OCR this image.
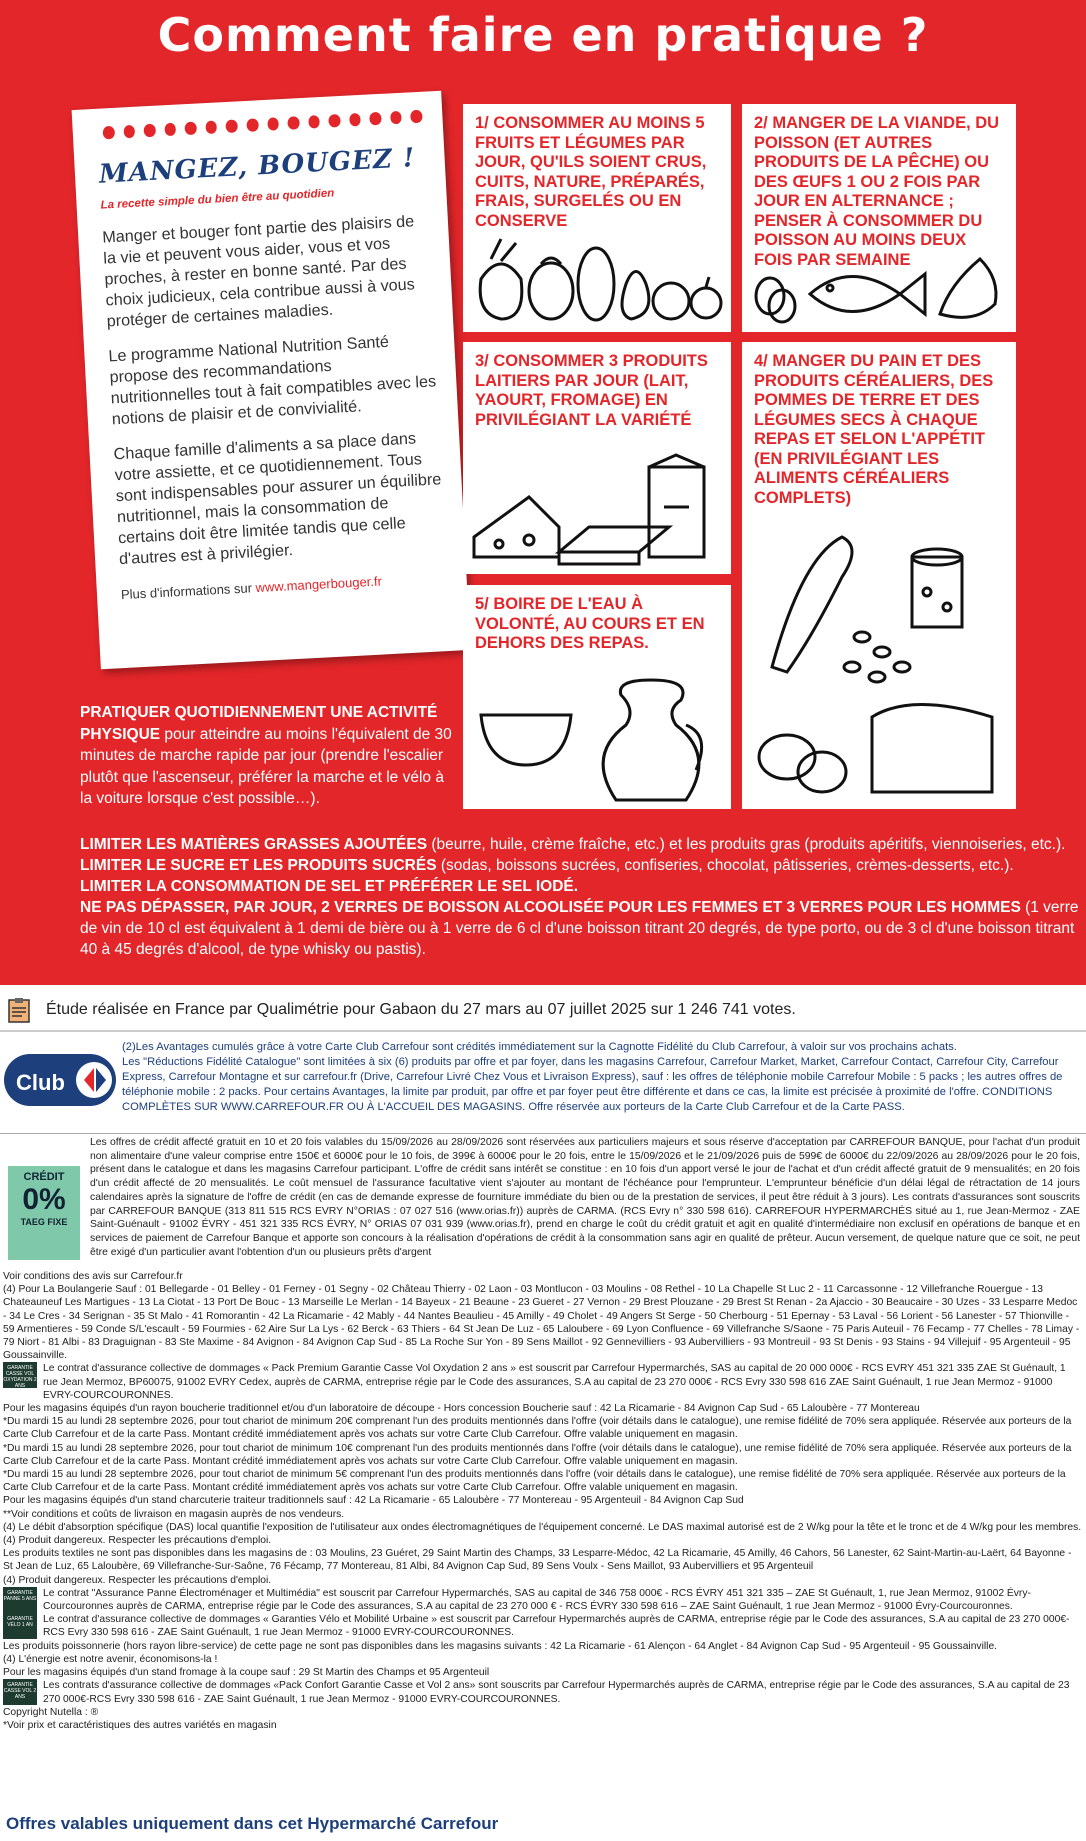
Comment faire en pratique ?
MANGEZ, BOUGEZ !
La recette simple du bien être au quotidien

Manger et bouger font partie des plaisirs de la vie et peuvent vous aider, vous et vos proches, à rester en bonne santé. Par des choix judicieux, cela contribue aussi à vous protéger de certaines maladies.

Le programme National Nutrition Santé propose des recommandations nutritionnelles tout à fait compatibles avec les notions de plaisir et de convivialité.

Chaque famille d'aliments a sa place dans votre assiette, et ce quotidiennement. Tous sont indispensables pour assurer un équilibre nutritionnel, mais la consommation de certains doit être limitée tandis que celle d'autres est à privilégier.

Plus d'informations sur www.mangerbouger.fr

1/ CONSOMMER AU MOINS 5 FRUITS ET LÉGUMES PAR JOUR, QU'ILS SOIENT CRUS, CUITS, NATURE, PRÉPARÉS, FRAIS, SURGELÉS OU EN CONSERVE
2/ MANGER DE LA VIANDE, DU POISSON (ET AUTRES PRODUITS DE LA PÊCHE) OU DES ŒUFS 1 OU 2 FOIS PAR JOUR EN ALTERNANCE ; PENSER À CONSOMMER DU POISSON AU MOINS DEUX FOIS PAR SEMAINE
3/ CONSOMMER 3 PRODUITS LAITIERS PAR JOUR (LAIT, YAOURT, FROMAGE) EN PRIVILÉGIANT LA VARIÉTÉ
4/ MANGER DU PAIN ET DES PRODUITS CÉRÉALIERS, DES POMMES DE TERRE ET DES LÉGUMES SECS À CHAQUE REPAS ET SELON L'APPÉTIT (EN PRIVILÉGIANT LES ALIMENTS CÉRÉALIERS COMPLETS)
5/ BOIRE DE L'EAU À VOLONTÉ, AU COURS ET EN DEHORS DES REPAS.
PRATIQUER QUOTIDIENNEMENT UNE ACTIVITÉ PHYSIQUE pour atteindre au moins l'équivalent de 30 minutes de marche rapide par jour (prendre l'escalier plutôt que l'ascenseur, préférer la marche et le vélo à la voiture lorsque c'est possible…).
LIMITER LES MATIÈRES GRASSES AJOUTÉES (beurre, huile, crème fraîche, etc.) et les produits gras (produits apéritifs, viennoiseries, etc.).
LIMITER LE SUCRE ET LES PRODUITS SUCRÉS (sodas, boissons sucrées, confiseries, chocolat, pâtisseries, crèmes-desserts, etc.).
LIMITER LA CONSOMMATION DE SEL ET PRÉFÉRER LE SEL IODÉ.
NE PAS DÉPASSER, PAR JOUR, 2 VERRES DE BOISSON ALCOOLISÉE POUR LES FEMMES ET 3 VERRES POUR LES HOMMES (1 verre de vin de 10 cl est équivalent à 1 demi de bière ou à 1 verre de 6 cl d'une boisson titrant 20 degrés, de type porto, ou de 3 cl d'une boisson titrant 40 à 45 degrés d'alcool, de type whisky ou pastis).
Étude réalisée en France par Qualimétrie pour Gabaon du 27 mars au 07 juillet 2025 sur 1 246 741 votes.
Club
(2)Les Avantages cumulés grâce à votre Carte Club Carrefour sont crédités immédiatement sur la Cagnotte Fidélité du Club Carrefour, à valoir sur vos prochains achats.
Les "Réductions Fidélité Catalogue" sont limitées à six (6) produits par offre et par foyer, dans les magasins Carrefour, Carrefour Market, Market, Carrefour Contact, Carrefour City, Carrefour Express, Carrefour Montagne et sur carrefour.fr (Drive, Carrefour Livré Chez Vous et Livraison Express), sauf : les offres de téléphonie mobile Carrefour Mobile : 5 packs ; les autres offres de téléphonie mobile : 2 packs. Pour certains Avantages, la limite par produit, par offre et par foyer peut être différente et dans ce cas, la limite est précisée à proximité de l'offre. CONDITIONS COMPLÈTES SUR WWW.CARREFOUR.FR OU À L'ACCUEIL DES MAGASINS. Offre réservée aux porteurs de la Carte Club Carrefour et de la Carte PASS.
CRÉDIT
0%
TAEG FIXE
Les offres de crédit affecté gratuit en 10 et 20 fois valables du 15/09/2026 au 28/09/2026 sont réservées aux particuliers majeurs et sous réserve d'acceptation par CARREFOUR BANQUE, pour l'achat d'un produit non alimentaire d'une valeur comprise entre 150€ et 6000€ pour le 10 fois, de 399€ à 6000€ pour le 20 fois, entre le 15/09/2026 et le 21/09/2026 puis de 599€ de 6000€ du 22/09/2026 au 28/09/2026 pour le 20 fois, présent dans le catalogue et dans les magasins Carrefour participant. L'offre de crédit sans intérêt se constitue : en 10 fois d'un apport versé le jour de l'achat et d'un crédit affecté gratuit de 9 mensualités; en 20 fois d'un crédit affecté de 20 mensualités. Le coût mensuel de l'assurance facultative vient s'ajouter au montant de l'échéance pour l'emprunteur. L'emprunteur bénéficie d'un délai légal de rétractation de 14 jours calendaires après la signature de l'offre de crédit (en cas de demande expresse de fourniture immédiate du bien ou de la prestation de services, il peut être réduit à 3 jours). Les contrats d'assurances sont souscrits par CARREFOUR BANQUE (313 811 515 RCS EVRY N°ORIAS : 07 027 516 (www.orias.fr)) auprès de CARMA. (RCS Evry n° 330 598 616). CARREFOUR HYPERMARCHÉS situé au 1, rue Jean-Mermoz - ZAE Saint-Guénault - 91002 ÉVRY - 451 321 335 RCS ÉVRY, N° ORIAS 07 031 939 (www.orias.fr), prend en charge le coût du crédit gratuit et agit en qualité d'intermédiaire non exclusif en opérations de banque et en services de paiement de Carrefour Banque et apporte son concours à la réalisation d'opérations de crédit à la consommation sans agir en qualité de prêteur. Aucun versement, de quelque nature que ce soit, ne peut être exigé d'un particulier avant l'obtention d'un ou plusieurs prêts d'argent
Voir conditions des avis sur Carrefour.fr
(4) Pour La Boulangerie Sauf : 01 Bellegarde - 01 Belley - 01 Ferney - 01 Segny - 02 Château Thierry - 02 Laon - 03 Montlucon - 03 Moulins - 08 Rethel - 10 La Chapelle St Luc 2 - 11 Carcassonne - 12 Villefranche Rouergue - 13 Chateauneuf Les Martigues - 13 La Ciotat - 13 Port De Bouc - 13 Marseille Le Merlan - 14 Bayeux - 21 Beaune - 23 Gueret - 27 Vernon - 29 Brest Plouzane - 29 Brest St Renan - 2a Ajaccio - 30 Beaucaire - 30 Uzes - 33 Lesparre Medoc - 34 Le Cres - 34 Serignan - 35 St Malo - 41 Romorantin - 42 La Ricamarie - 42 Mably - 44 Nantes Beaulieu - 45 Amilly - 49 Cholet - 49 Angers St Serge - 50 Cherbourg - 51 Epernay - 53 Laval - 56 Lorient - 56 Lanester - 57 Thionville - 59 Armentieres - 59 Conde S/L'escault - 59 Fourmies - 62 Aire Sur La Lys - 62 Berck - 63 Thiers - 64 St Jean De Luz - 65 Laloubere - 69 Lyon Confluence - 69 Villefranche S/Saone - 75 Paris Auteuil - 76 Fecamp - 77 Chelles - 78 Limay - 79 Niort - 81 Albi - 83 Draguignan - 83 Ste Maxime - 84 Avignon - 84 Avignon Cap Sud - 85 La Roche Sur Yon - 89 Sens Maillot - 92 Gennevilliers - 93 Aubervilliers - 93 Montreuil - 93 St Denis - 93 Stains - 94 Villejuif - 95 Argenteuil - 95 Goussainville.
GARANTIE CASSE VOL OXYDATION 2 ANS
Le contrat d'assurance collective de dommages « Pack Premium Garantie Casse Vol Oxydation 2 ans » est souscrit par Carrefour Hypermarchés, SAS au capital de 20 000 000€ - RCS EVRY 451 321 335 ZAE St Guénault, 1 rue Jean Mermoz, BP60075, 91002 EVRY Cedex, auprès de CARMA, entreprise régie par le Code des assurances, S.A au capital de 23 270 000€ - RCS Evry 330 598 616 ZAE Saint Guénault, 1 rue Jean Mermoz - 91000 EVRY-COURCOURONNES.
Pour les magasins équipés d'un rayon boucherie traditionnel et/ou d'un laboratoire de découpe - Hors concession Boucherie sauf : 42 La Ricamarie - 84 Avignon Cap Sud - 65 Laloubère - 77 Montereau
*Du mardi 15 au lundi 28 septembre 2026, pour tout chariot de minimum 20€ comprenant l'un des produits mentionnés dans l'offre (voir détails dans le catalogue), une remise fidélité de 70% sera appliquée. Réservée aux porteurs de la Carte Club Carrefour et de la carte Pass. Montant crédité immédiatement après vos achats sur votre Carte Club Carrefour. Offre valable uniquement en magasin.
*Du mardi 15 au lundi 28 septembre 2026, pour tout chariot de minimum 10€ comprenant l'un des produits mentionnés dans l'offre (voir détails dans le catalogue), une remise fidélité de 70% sera appliquée. Réservée aux porteurs de la Carte Club Carrefour et de la carte Pass. Montant crédité immédiatement après vos achats sur votre Carte Club Carrefour. Offre valable uniquement en magasin.
*Du mardi 15 au lundi 28 septembre 2026, pour tout chariot de minimum 5€ comprenant l'un des produits mentionnés dans l'offre (voir détails dans le catalogue), une remise fidélité de 70% sera appliquée. Réservée aux porteurs de la Carte Club Carrefour et de la carte Pass. Montant crédité immédiatement après vos achats sur votre Carte Club Carrefour. Offre valable uniquement en magasin.
Pour les magasins équipés d'un stand charcuterie traiteur traditionnels sauf : 42 La Ricamarie - 65 Laloubère - 77 Montereau - 95 Argenteuil - 84 Avignon Cap Sud
**Voir conditions et coûts de livraison en magasin auprès de nos vendeurs.
(4) Le débit d'absorption spécifique (DAS) local quantifie l'exposition de l'utilisateur aux ondes électromagnétiques de l'équipement concerné. Le DAS maximal autorisé est de 2 W/kg pour la tête et le tronc et de 4 W/kg pour les membres.
(4) Produit dangereux. Respecter les précautions d'emploi.
Les produits textiles ne sont pas disponibles dans les magasins de : 03 Moulins, 23 Guéret, 29 Saint Martin des Champs, 33 Lesparre-Médoc, 42 La Ricamarie, 45 Amilly, 46 Cahors, 56 Lanester, 62 Saint-Martin-au-Laërt, 64 Bayonne - St Jean de Luz, 65 Laloubère, 69 Villefranche-Sur-Saône, 76 Fécamp, 77 Montereau, 81 Albi, 84 Avignon Cap Sud, 89 Sens Voulx - Sens Maillot, 93 Aubervilliers et 95 Argenteuil
(4) Produit dangereux. Respecter les précautions d'emploi.
GARANTIE PANNE 5 ANS Le contrat "Assurance Panne Électroménager et Multimédia" est souscrit par Carrefour Hypermarchés, SAS au capital de 346 758 000€ - RCS ÉVRY 451 321 335 – ZAE St Guénault, 1, rue Jean Mermoz, 91002 Évry-Courcouronnes auprès de CARMA, entreprise régie par le Code des assurances, S.A au capital de 23 270 000 € - RCS ÉVRY 330 598 616 – ZAE Saint Guénault, 1 rue Jean Mermoz - 91000 Évry-Courcouronnes.
GARANTIE VÉLO 1 AN Le contrat d'assurance collective de dommages « Garanties Vélo et Mobilité Urbaine » est souscrit par Carrefour Hypermarchés auprès de CARMA, entreprise régie par le Code des assurances, S.A au capital de 23 270 000€- RCS Evry 330 598 616 - ZAE Saint Guénault, 1 rue Jean Mermoz - 91000 EVRY-COURCOURONNES.
Les produits poissonnerie (hors rayon libre-service) de cette page ne sont pas disponibles dans les magasins suivants : 42 La Ricamarie - 61 Alençon - 64 Anglet - 84 Avignon Cap Sud - 95 Argenteuil - 95 Goussainville.
(4) L'énergie est notre avenir, économisons-la !
Pour les magasins équipés d'un stand fromage à la coupe sauf : 29 St Martin des Champs et 95 Argenteuil
GARANTIE CASSE VOL 2 ANS
Les contrats d'assurance collective de dommages «Pack Confort Garantie Casse et Vol 2 ans» sont souscrits par Carrefour Hypermarchés auprès de CARMA, entreprise régie par le Code des assurances, S.A au capital de 23 270 000€-RCS Evry 330 598 616 - ZAE Saint Guénault, 1 rue Jean Mermoz - 91000 EVRY-COURCOURONNES.
Copyright Nutella : ®
*Voir prix et caractéristiques des autres variétés en magasin
Offres valables uniquement dans cet Hypermarché Carrefour
